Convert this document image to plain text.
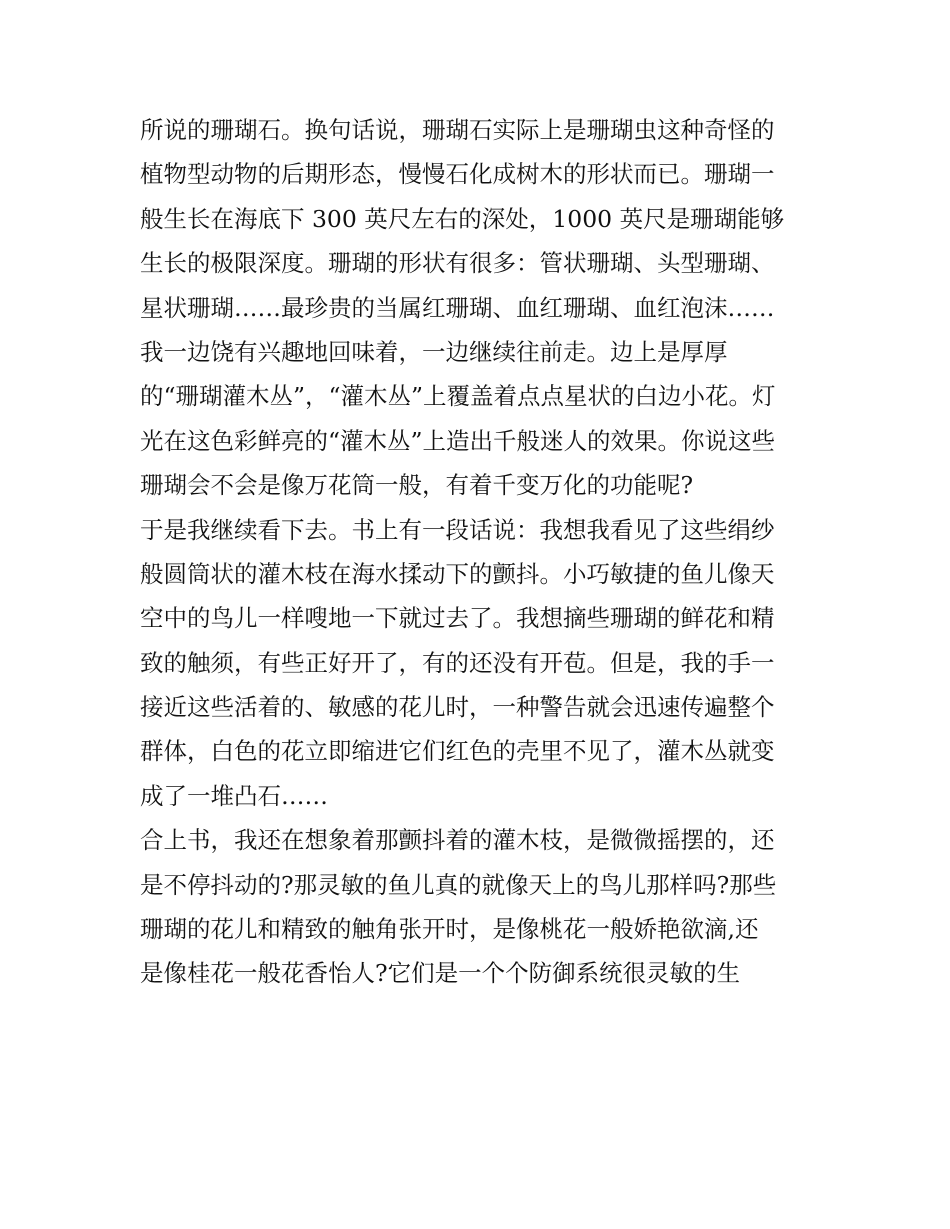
所说的珊瑚石。换句话说，珊瑚石实际上是珊瑚虫这种奇怪的
植物型动物的后期形态，慢慢石化成树木的形状而已。珊瑚一
般生长在海底下 300 英尺左右的深处，1000 英尺是珊瑚能够
生长的极限深度。珊瑚的形状有很多：管状珊瑚、头型珊瑚、
星状珊瑚……最珍贵的当属红珊瑚、血红珊瑚、血红泡沫……
我一边饶有兴趣地回味着，一边继续往前走。边上是厚厚
的“珊瑚灌木丛”，“灌木丛”上覆盖着点点星状的白边小花。灯
光在这色彩鲜亮的“灌木丛”上造出千般迷人的效果。你说这些
珊瑚会不会是像万花筒一般，有着千变万化的功能呢?
于是我继续看下去。书上有一段话说：我想我看见了这些绢纱
般圆筒状的灌木枝在海水揉动下的颤抖。小巧敏捷的鱼儿像天
空中的鸟儿一样嗖地一下就过去了。我想摘些珊瑚的鲜花和精
致的触须，有些正好开了，有的还没有开苞。但是，我的手一
接近这些活着的、敏感的花儿时，一种警告就会迅速传遍整个
群体，白色的花立即缩进它们红色的壳里不见了，灌木丛就变
成了一堆凸石……
合上书，我还在想象着那颤抖着的灌木枝，是微微摇摆的，还
是不停抖动的?那灵敏的鱼儿真的就像天上的鸟儿那样吗?那些
珊瑚的花儿和精致的触角张开时，是像桃花一般娇艳欲滴,还
是像桂花一般花香怡人?它们是一个个防御系统很灵敏的生
